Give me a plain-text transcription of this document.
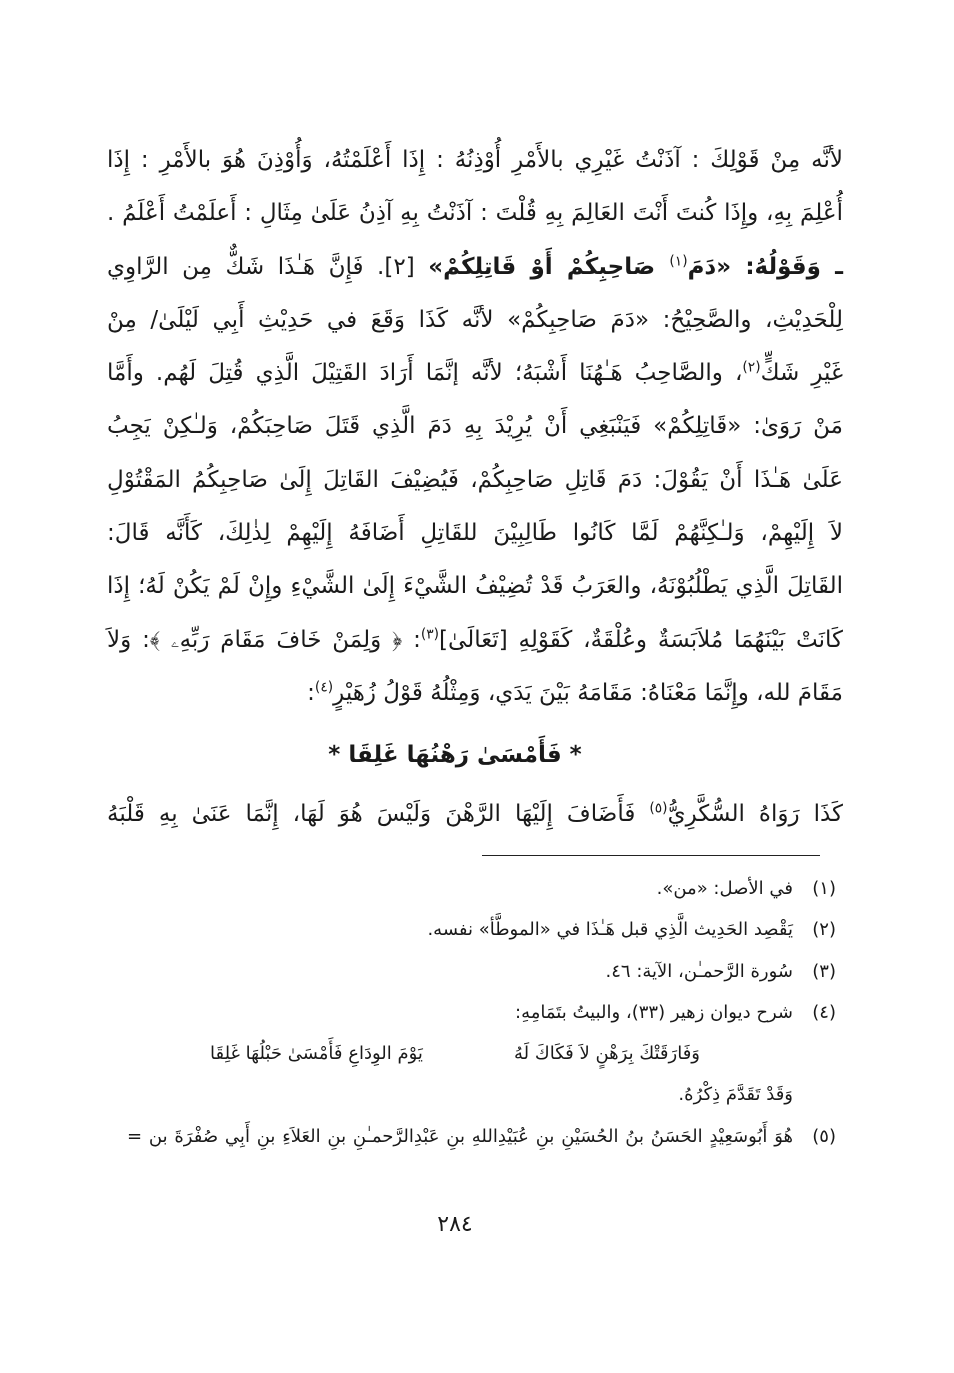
لأنَّه مِنْ قَوْلِكَ : آذَنْتُ غَيْرِي بالأَمْرِ أُوْذِنُهُ : إِذَا أَعْلَمْتُهُ، وَأُوْذِنَ هُوَ بالأَمْرِ : إِذَا
أُعْلِمَ بِهِ، وإِذَا كُنتَ أَنْتَ العَالِمَ بِهِ قُلْتَ : آذَنْتُ بِهِ آذِنُ عَلَىٰ مِثَالِ : أَعلَمْتُ أَعْلَمُ .
ـ وَقَوْلُهُ: «دَمَ$^{(١)}$ صَاحِبِكُمْ أَوْ قَاتِلِكُمْ» [٢]. فَإِنَّ هَـٰذَا شَكٌّ مِن الرَّاوِي
لِلْحَدِيْثِ، والصَّحِيْحُ: «دَمَ صَاحِبِكُمْ» لأنَّه كَذَا وَقَعَ في حَدِيْثِ أَبِي لَيْلَىٰ/ مِنْ
غَيْرِ شَكٍّ$^{(٢)}$، والصَّاحِبُ هَـٰهُنَا أَشْبَهُ؛ لأنَّه إنَّمَا أَرَادَ القَتِيْلَ الَّذِي قُتِلَ لَهُم. وأَمَّا
مَنْ رَوَىٰ: «قَاتِلِكُمْ» فَيَنْبَغِي أَنْ يُرِيْدَ بِهِ دَمَ الَّذِي قَتَلَ صَاحِبَكُمْ، وَلـٰكِنْ يَجِبُ
عَلَىٰ هَـٰذَا أَنْ يَقُوْلَ: دَمَ قَاتِلِ صَاحِبِكُمْ، فَيُضِيْفَ القَاتِلَ إِلَىٰ صَاحِبِكُمُ المَقْتُوْلِ
لاَ إِلَيْهِمْ، وَلـٰكِنَّهُمْ لَمَّا كَانُوا طَالِبِيْنَ للقَاتِلِ أَضَافَهُ إِلَيْهِمْ لِذٰلِكَ، كَأَنَّه قَالَ:
القَاتِلَ الَّذِي يَطْلُبُوْنَهُ، والعَرَبُ قَدْ تُضِيْفُ الشَّيْءَ إِلَىٰ الشَّيْءِ وإِنْ لَمْ يَكُنْ لَهُ؛ إِذَا
كَانَتْ بَيْنَهُمَا مُلاَبَسَةٌ وعُلْقَةٌ، كَقَوْلِهِ [تَعَالَىٰ]$^{(٣)}$: ﴿ وَلِمَنْ خَافَ مَقَامَ رَبِّهِۦ ﴾: وَلاَ
مَقَامَ لله، وإِنَّمَا مَعْنَاهُ: مَقَامَهُ بَيْنَ يَدَي، وَمِثْلُهُ قَوْلُ زُهَيْرٍ$^{(٤)}$:
* فَأَمْسَىٰ رَهْنُهَا غَلِقَا *
كَذَا رَوَاهُ السُّكَّرِيُّ$^{(٥)}$ فَأَضَافَ إِلَيْهَا الرَّهْنَ وَلَيْسَ هُوَ لَهَا، إِنَّمَا عَنَىٰ بِهِ قَلْبَهُ
(١)
في الأصل: «من».
(٢)
يَقْصِد الحَدِيث الَّذِي قبل هَـٰذَا في «الموطَّأ» نفسه.
(٣)
سُورة الرَّحمـٰن، الآية: ٤٦.
(٤)
شرح ديوان زهير (٣٣)، والبيتُ بتَمَامِهِ:
وَفَارَقَتْكَ بِرَهْنٍ لاَ فَكَاكَ لَهُ
يَوْمَ الوِدَاعِ فَأَمْسَىٰ حَبْلُهَا غَلِقَا
وَقَدْ تَقَدَّمَ ذِكْرُهُ.
(٥)
هُوَ أَبُوسَعِيْدٍ الحَسَنُ بنُ الحُسَيْنِ بنِ عُبَيْدِاللهِ بنِ عَبْدِالرَّحمـٰنِ بنِ العَلاَءِ بنِ أَبِي صُفْرَةَ بن =
٢٨٤
